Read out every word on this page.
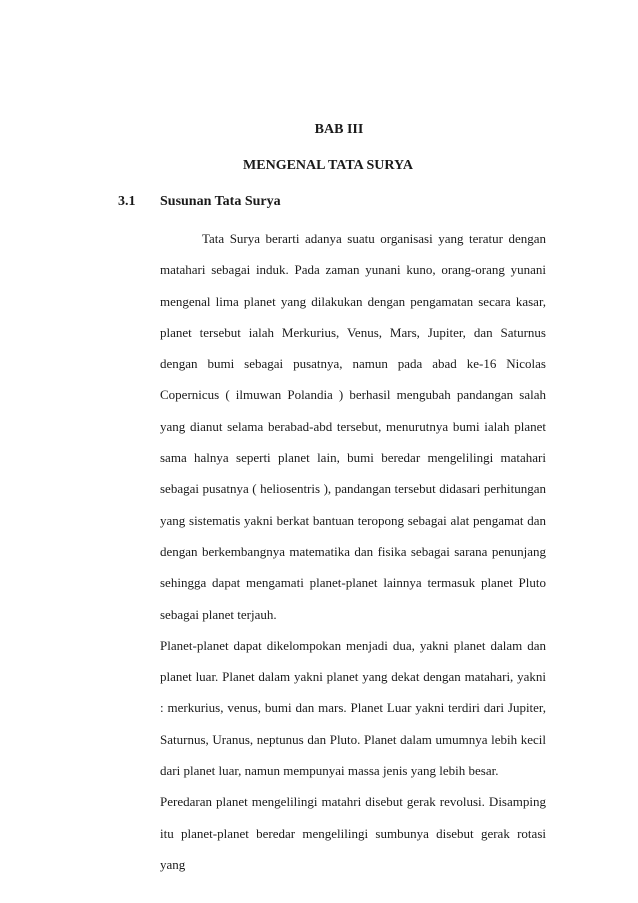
BAB III
MENGENAL TATA SURYA
3.1	Susunan Tata Surya

Tata Surya berarti adanya suatu organisasi yang teratur dengan matahari sebagai induk. Pada zaman yunani kuno, orang-orang yunani mengenal lima planet yang dilakukan dengan pengamatan secara kasar, planet tersebut ialah Merkurius, Venus, Mars, Jupiter, dan Saturnus dengan bumi sebagai pusatnya, namun pada abad ke-16 Nicolas Copernicus ( ilmuwan Polandia ) berhasil mengubah pandangan salah yang dianut selama berabad-abd tersebut, menurutnya bumi ialah planet sama halnya seperti planet lain, bumi beredar mengelilingi matahari sebagai pusatnya ( heliosentris ), pandangan tersebut didasari perhitungan yang sistematis yakni berkat bantuan teropong sebagai alat pengamat dan dengan berkembangnya matematika dan fisika sebagai sarana penunjang sehingga dapat mengamati planet-planet lainnya termasuk planet Pluto sebagai planet terjauh.

Planet-planet dapat dikelompokan menjadi dua, yakni planet dalam dan planet luar. Planet dalam yakni planet yang dekat dengan matahari, yakni : merkurius, venus, bumi dan mars. Planet Luar yakni terdiri dari Jupiter, Saturnus, Uranus, neptunus dan Pluto. Planet dalam umumnya lebih kecil dari planet luar, namun mempunyai massa jenis yang lebih besar.

Peredaran planet mengelilingi matahri disebut gerak revolusi. Disamping itu planet-planet beredar mengelilingi sumbunya disebut gerak rotasi yang
